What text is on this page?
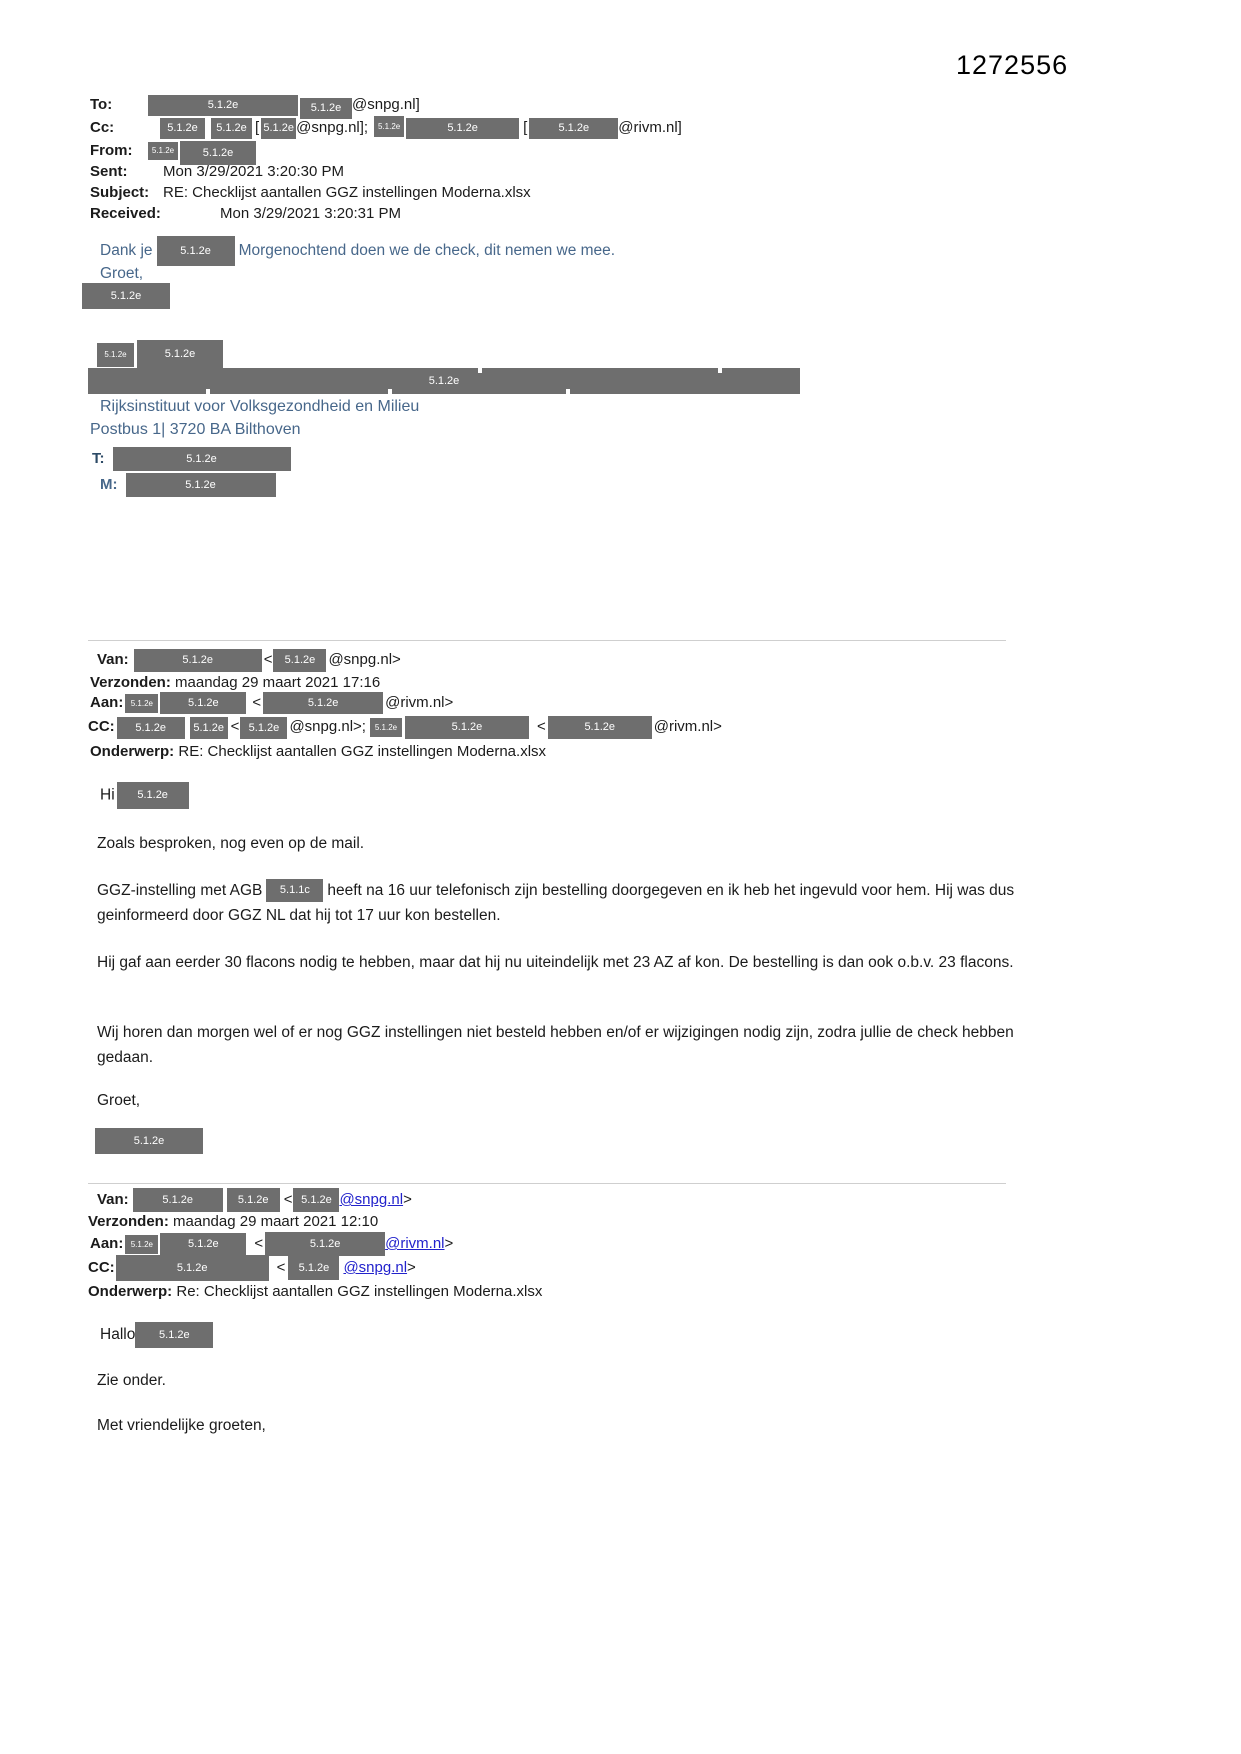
1272556
To:	5.1.2e	5.1.2e @snpg.nl]
Cc:	5.1.2e 5.1.2e [ 5.1.2e @snpg.nl]; 5.1.2e	5.1.2e	[	5.1.2e @rivm.nl]
From: 5.1.2e	5.1.2e
Sent: Mon 3/29/2021 3:20:30 PM
Subject: RE: Checklijst aantallen GGZ instellingen Moderna.xlsx
Received:	Mon 3/29/2021 3:20:31 PM
Dank je	5.1.2e Morgenochtend doen we de check, dit nemen we mee.
Groet,
5.1.2e
5.1.2e	5.1.2e
5.1.2e
Rijksinstituut voor Volksgezondheid en Milieu
Postbus 1| 3720 BA Bilthoven
T:	5.1.2e
M:	5.1.2e
Van:	5.1.2e	< 5.1.2e @snpg.nl>
Verzonden: maandag 29 maart 2021 17:16
Aan: 5.1.2e	5.1.2e <	5.1.2e	@rivm.nl>
CC: 5.1.2e 5.1.2e < 5.1.2e @snpg.nl>; 5.1.2e	5.1.2e	<	5.1.2e	@rivm.nl>
Onderwerp: RE: Checklijst aantallen GGZ instellingen Moderna.xlsx
Hi 5.1.2e
Zoals besproken, nog even op de mail.
GGZ-instelling met AGB 5.1.1c heeft na 16 uur telefonisch zijn bestelling doorgegeven en ik heb het ingevuld voor hem. Hij was dus geinformeerd door GGZ NL dat hij tot 17 uur kon bestellen.
Hij gaf aan eerder 30 flacons nodig te hebben, maar dat hij nu uiteindelijk met 23 AZ af kon. De bestelling is dan ook o.b.v. 23 flacons.
Wij horen dan morgen wel of er nog GGZ instellingen niet besteld hebben en/of er wijzigingen nodig zijn, zodra jullie de check hebben gedaan.
Groet,
5.1.2e
Van:	5.1.2e	5.1.2e < 5.1.2e @snpg.nl>
Verzonden: maandag 29 maart 2021 12:10
Aan: 5.1.2e	5.1.2e <	5.1.2e	@rivm.nl>
CC:	5.1.2e	< 5.1.2e @snpg.nl>
Onderwerp: Re: Checklijst aantallen GGZ instellingen Moderna.xlsx
Hallo 5.1.2e
Zie onder.
Met vriendelijke groeten,
